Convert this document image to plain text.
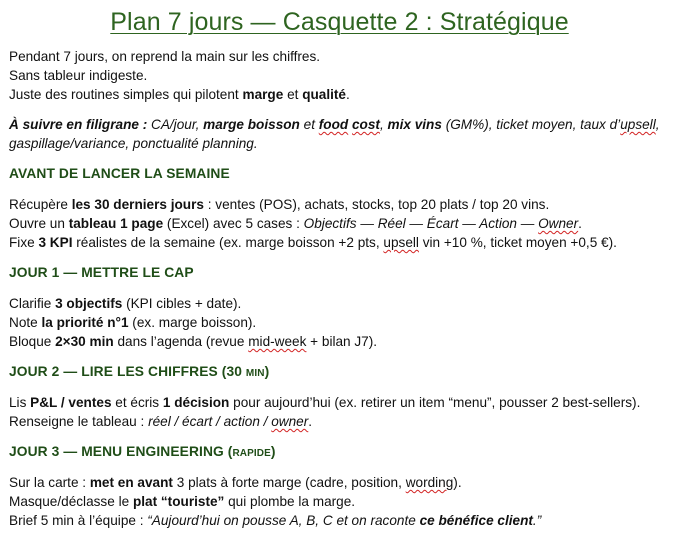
Plan 7 jours — Casquette 2 : Stratégique

Pendant 7 jours, on reprend la main sur les chiffres.

Sans tableur indigeste.

Juste des routines simples qui pilotent marge et qualité.

À suivre en filigrane : CA/jour, marge boisson et food cost, mix vins (GM%), ticket moyen, taux d’upsell, gaspillage/variance, ponctualité planning.

AVANT DE LANCER LA SEMAINE

Récupère les 30 derniers jours : ventes (POS), achats, stocks, top 20 plats / top 20 vins.

Ouvre un tableau 1 page (Excel) avec 5 cases : Objectifs — Réel — Écart — Action — Owner.

Fixe 3 KPI réalistes de la semaine (ex. marge boisson +2 pts, upsell vin +10 %, ticket moyen +0,5 €).

JOUR 1 — METTRE LE CAP

Clarifie 3 objectifs (KPI cibles + date).

Note la priorité n°1 (ex. marge boisson).

Bloque 2×30 min dans l’agenda (revue mid-week + bilan J7).

JOUR 2 — LIRE LES CHIFFRES (30 min)

Lis P&L / ventes et écris 1 décision pour aujourd’hui (ex. retirer un item “menu”, pousser 2 best-sellers).

Renseigne le tableau : réel / écart / action / owner.

JOUR 3 — MENU ENGINEERING (rapide)

Sur la carte : met en avant 3 plats à forte marge (cadre, position, wording).

Masque/déclasse le plat “touriste” qui plombe la marge.

Brief 5 min à l’équipe : “Aujourd’hui on pousse A, B, C et on raconte ce bénéfice client.”
